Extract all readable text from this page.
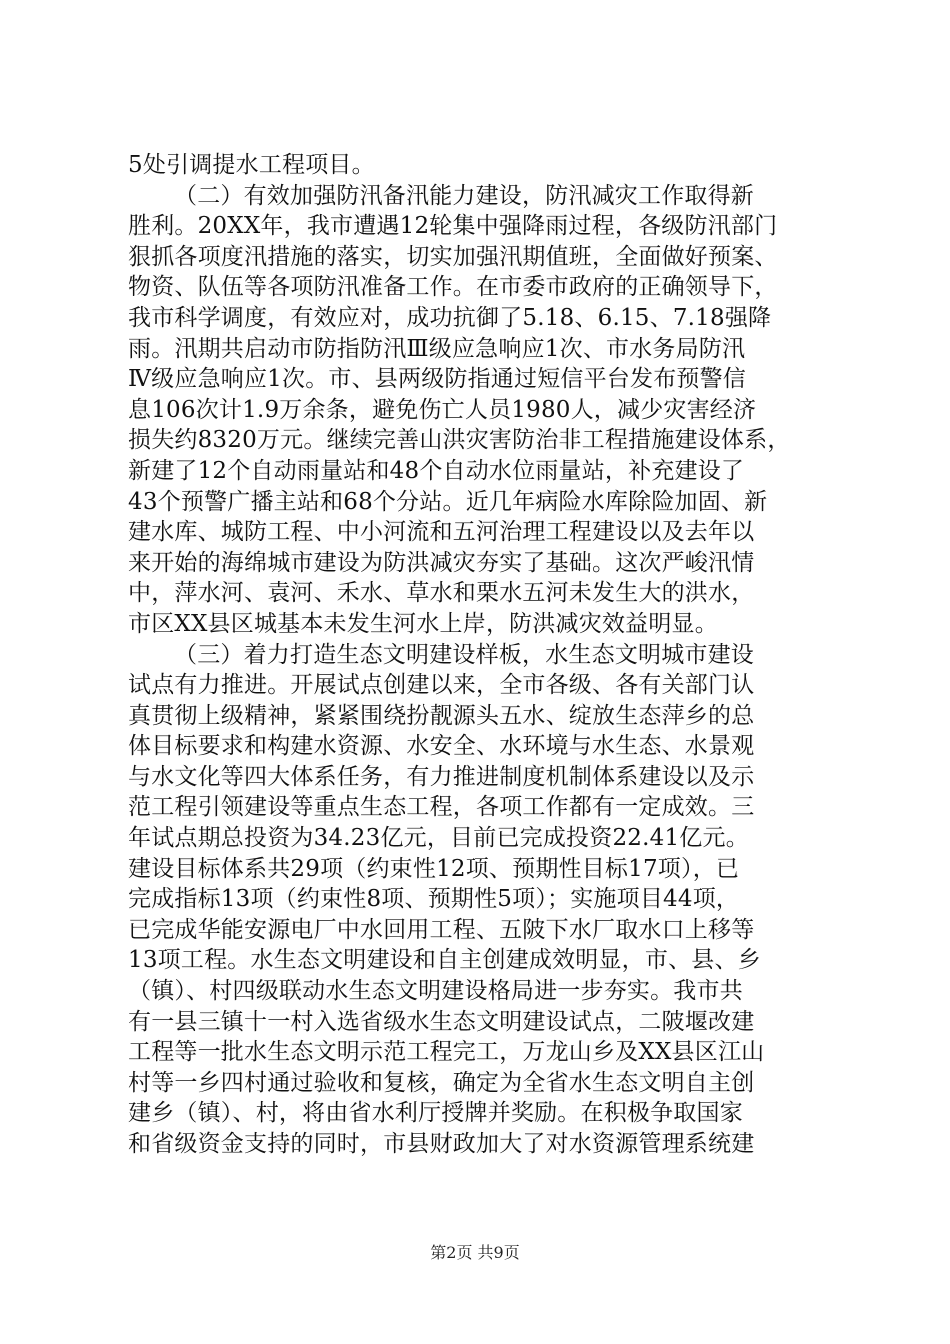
5处引调提水工程项目。
（二）有效加强防汛备汛能力建设，防汛减灾工作取得新
胜利。20XX年，我市遭遇12轮集中强降雨过程，各级防汛部门
狠抓各项度汛措施的落实，切实加强汛期值班，全面做好预案、
物资、队伍等各项防汛准备工作。在市委市政府的正确领导下，
我市科学调度，有效应对，成功抗御了5.18、6.15、7.18强降
雨。汛期共启动市防指防汛Ⅲ级应急响应1次、市水务局防汛
Ⅳ级应急响应1次。市、县两级防指通过短信平台发布预警信
息106次计1.9万余条，避免伤亡人员1980人，减少灾害经济
损失约8320万元。继续完善山洪灾害防治非工程措施建设体系，
新建了12个自动雨量站和48个自动水位雨量站，补充建设了
43个预警广播主站和68个分站。近几年病险水库除险加固、新
建水库、城防工程、中小河流和五河治理工程建设以及去年以
来开始的海绵城市建设为防洪减灾夯实了基础。这次严峻汛情
中，萍水河、袁河、禾水、草水和栗水五河未发生大的洪水，
市区XX县区城基本未发生河水上岸，防洪减灾效益明显。
（三）着力打造生态文明建设样板，水生态文明城市建设
试点有力推进。开展试点创建以来，全市各级、各有关部门认
真贯彻上级精神，紧紧围绕扮靓源头五水、绽放生态萍乡的总
体目标要求和构建水资源、水安全、水环境与水生态、水景观
与水文化等四大体系任务，有力推进制度机制体系建设以及示
范工程引领建设等重点生态工程，各项工作都有一定成效。三
年试点期总投资为34.23亿元，目前已完成投资22.41亿元。
建设目标体系共29项（约束性12项、预期性目标17项），已
完成指标13项（约束性8项、预期性5项）；实施项目44项，
已完成华能安源电厂中水回用工程、五陂下水厂取水口上移等
13项工程。水生态文明建设和自主创建成效明显，市、县、乡
（镇）、村四级联动水生态文明建设格局进一步夯实。我市共
有一县三镇十一村入选省级水生态文明建设试点，二陂堰改建
工程等一批水生态文明示范工程完工，万龙山乡及XX县区江山
村等一乡四村通过验收和复核，确定为全省水生态文明自主创
建乡（镇）、村，将由省水利厅授牌并奖励。在积极争取国家
和省级资金支持的同时，市县财政加大了对水资源管理系统建
第2页 共9页
